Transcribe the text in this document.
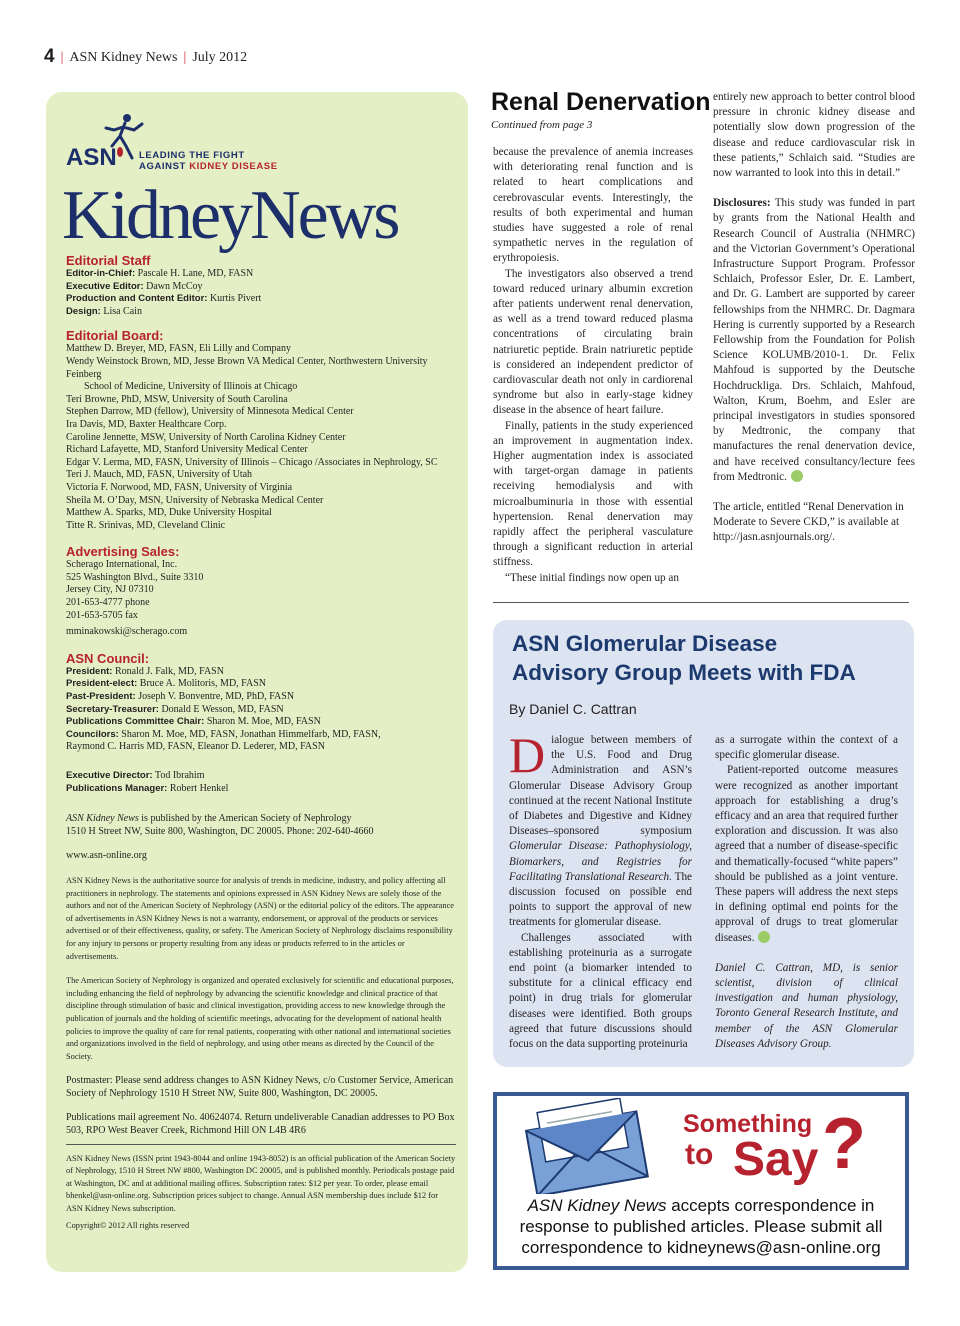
4 | ASN Kidney News | July 2012
ASN LEADING THE FIGHT
AGAINST KIDNEY DISEASE
KidneyNews

Editorial Staff

Editor-in-Chief: Pascale H. Lane, MD, FASN

Executive Editor: Dawn McCoy

Production and Content Editor: Kurtis Pivert

Design: Lisa Cain

Editorial Board:

Matthew D. Breyer, MD, FASN, Eli Lilly and Company

Wendy Weinstock Brown, MD, Jesse Brown VA Medical Center, Northwestern University Feinberg

School of Medicine, University of Illinois at Chicago

Teri Browne, PhD, MSW, University of South Carolina

Stephen Darrow, MD (fellow), University of Minnesota Medical Center

Ira Davis, MD, Baxter Healthcare Corp.

Caroline Jennette, MSW, University of North Carolina Kidney Center

Richard Lafayette, MD, Stanford University Medical Center

Edgar V. Lerma, MD, FASN, University of Illinois – Chicago /Associates in Nephrology, SC

Teri J. Mauch, MD, FASN, University of Utah

Victoria F. Norwood, MD, FASN, University of Virginia

Sheila M. O’Day, MSN, University of Nebraska Medical Center

Matthew A. Sparks, MD, Duke University Hospital

Titte R. Srinivas, MD, Cleveland Clinic

Advertising Sales:

Scherago International, Inc.

525 Washington Blvd., Suite 3310

Jersey City, NJ 07310

201-653-4777 phone

201-653-5705 fax

mminakowski@scherago.com

ASN Council:

President: Ronald J. Falk, MD, FASN

President-elect: Bruce A. Molitoris, MD, FASN

Past-President: Joseph V. Bonventre, MD, PhD, FASN

Secretary-Treasurer: Donald E Wesson, MD, FASN

Publications Committee Chair: Sharon M. Moe, MD, FASN

Councilors: Sharon M. Moe, MD, FASN, Jonathan Himmelfarb, MD, FASN,

Raymond C. Harris MD, FASN, Eleanor D. Lederer, MD, FASN

Executive Director: Tod Ibrahim

Publications Manager: Robert Henkel

ASN Kidney News is published by the American Society of Nephrology

1510 H Street NW, Suite 800, Washington, DC 20005. Phone: 202-640-4660

www.asn-online.org

ASN Kidney News is the authoritative source for analysis of trends in medicine, industry, and policy affecting all practitioners in nephrology. The statements and opinions expressed in ASN Kidney News are solely those of the authors and not of the American Society of Nephrology (ASN) or the editorial policy of the editors. The appearance of advertisements in ASN Kidney News is not a warranty, endorsement, or approval of the products or services advertised or of their effectiveness, quality, or safety. The American Society of Nephrology disclaims responsibility for any injury to persons or property resulting from any ideas or products referred to in the articles or advertisements.

The American Society of Nephrology is organized and operated exclusively for scientific and educational purposes, including enhancing the field of nephrology by advancing the scientific knowledge and clinical practice of that discipline through stimulation of basic and clinical investigation, providing access to new knowledge through the publication of journals and the holding of scientific meetings, advocating for the development of national health policies to improve the quality of care for renal patients, cooperating with other national and international societies and organizations involved in the field of nephrology, and using other means as directed by the Council of the Society.

Postmaster: Please send address changes to ASN Kidney News, c/o Customer Service, American Society of Nephrology 1510 H Street NW, Suite 800, Washington, DC 20005.

Publications mail agreement No. 40624074. Return undeliverable Canadian addresses to PO Box 503, RPO West Beaver Creek, Richmond Hill ON L4B 4R6

ASN Kidney News (ISSN print 1943-8044 and online 1943-8052) is an official publication of the American Society of Nephrology, 1510 H Street NW #800, Washington DC 20005, and is published monthly. Periodicals postage paid at Washington, DC and at additional mailing offices. Subscription rates: $12 per year. To order, please email bhenkel@asn-online.org. Subscription prices subject to change. Annual ASN membership dues include $12 for ASN Kidney News subscription.

Copyright© 2012 All rights reserved

Renal Denervation
Continued from page 3

because the prevalence of anemia increases with deteriorating renal function and is related to heart complications and cerebrovascular events. Interestingly, the results of both experimental and human studies have suggested a role of renal sympathetic nerves in the regulation of erythropoiesis.

The investigators also observed a trend toward reduced urinary albumin excretion after patients underwent renal denervation, as well as a trend toward reduced plasma concentrations of circulating brain natriuretic peptide. Brain natriuretic peptide is considered an independent predictor of cardiovascular death not only in cardiorenal syndrome but also in early-stage kidney disease in the absence of heart failure.

Finally, patients in the study experienced an improvement in augmentation index. Higher augmentation index is associated with target-organ damage in patients receiving hemodialysis and with microalbuminuria in those with essential hypertension. Renal denervation may rapidly affect the peripheral vasculature through a significant reduction in arterial stiffness.

“These initial findings now open up an

entirely new approach to better control blood pressure in chronic kidney disease and potentially slow down progression of the disease and reduce cardiovascular risk in these patients,” Schlaich said. “Studies are now warranted to look into this in detail.”

Disclosures: This study was funded in part by grants from the National Health and Research Council of Australia (NHMRC) and the Victorian Government’s Operational Infrastructure Support Program. Professor Schlaich, Professor Esler, Dr. E. Lambert, and Dr. G. Lambert are supported by career fellowships from the NHMRC. Dr. Dagmara Hering is currently supported by a Research Fellowship from the Foundation for Polish Science KOLUMB/2010-1. Dr. Felix Mahfoud is supported by the Deutsche Hochdruckliga. Drs. Schlaich, Mahfoud, Walton, Krum, Boehm, and Esler are principal investigators in studies sponsored by Medtronic, the company that manufactures the renal denervation device, and have received consultancy/lecture fees from Medtronic.

The article, entitled “Renal Denervation in Moderate to Severe CKD,” is available at http://jasn.asnjournals.org/.

ASN Glomerular Disease
Advisory Group Meets with FDA
By Daniel C. Cattran

Dialogue between members of the U.S. Food and Drug Administration and ASN’s Glomerular Disease Advisory Group continued at the recent National Institute of Diabetes and Digestive and Kidney Diseases–sponsored symposium Glomerular Disease: Pathophysiology, Biomarkers, and Registries for Facilitating Translational Research. The discussion focused on possible end points to support the approval of new treatments for glomerular disease.

Challenges associated with establishing proteinuria as a surrogate end point (a biomarker intended to substitute for a clinical efficacy end point) in drug trials for glomerular diseases were identified. Both groups agreed that future discussions should focus on the data supporting proteinuria

as a surrogate within the context of a specific glomerular disease.

Patient-reported outcome measures were recognized as another important approach for establishing a drug’s efficacy and an area that required further exploration and discussion. It was also agreed that a number of disease-specific and thematically-focused “white papers” should be published as a joint venture. These papers will address the next steps in defining optimal end points for the approval of drugs to treat glomerular diseases.

Daniel C. Cattran, MD, is senior scientist, division of clinical investigation and human physiology, Toronto General Research Institute, and member of the ASN Glomerular Diseases Advisory Group.

Something
to Say ?
ASN Kidney News accepts correspondence in response to published articles. Please submit all correspondence to kidneynews@asn-online.org
